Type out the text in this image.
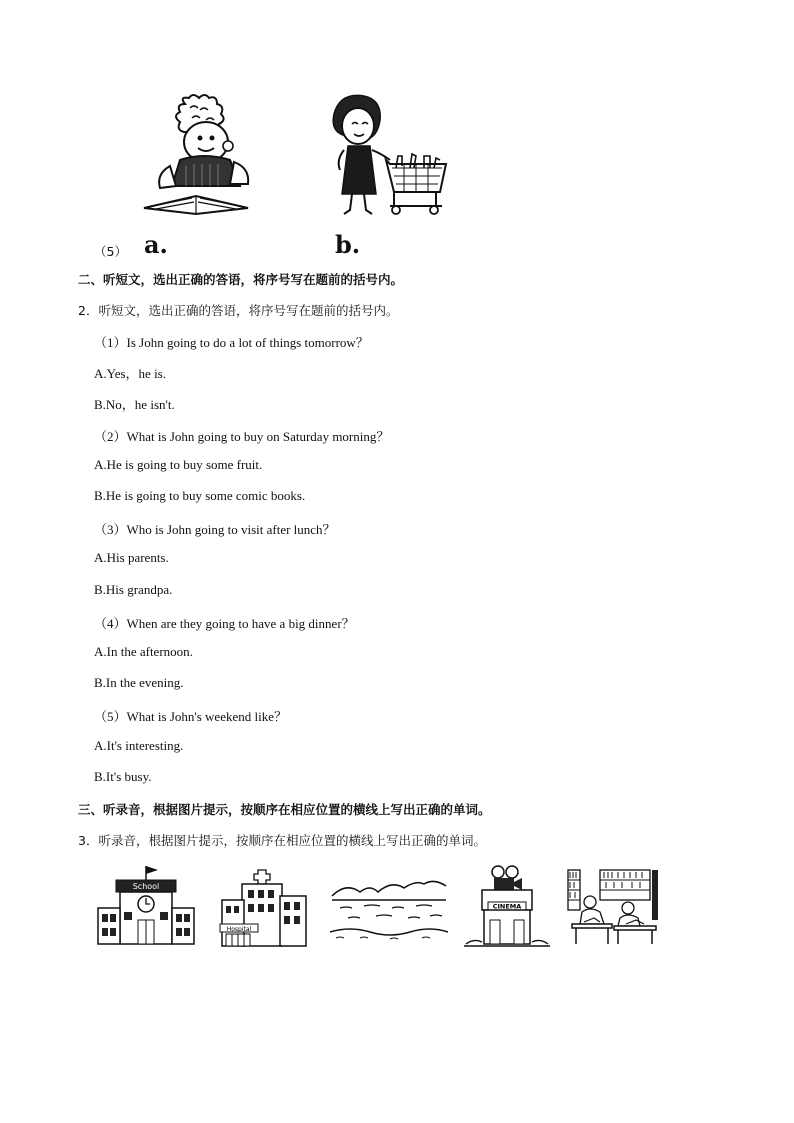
（5） a.	b.
二、听短文，选出正确的答语，将序号写在题前的括号内。
2．听短文，选出正确的答语，将序号写在题前的括号内。
（1）Is John going to do a lot of things tomorrow？
A.Yes，he is.
B.No，he isn't.
（2）What is John going to buy on Saturday morning？
A.He is going to buy some fruit.
B.He is going to buy some comic books.
（3）Who is John going to visit after lunch？
A.His parents.
B.His grandpa.
（4）When are they going to have a big dinner？
A.In the afternoon.
B.In the evening.
（5）What is John's weekend like？
A.It's interesting.
B.It's busy.
三、听录音，根据图片提示，按顺序在相应位置的横线上写出正确的单词。
3．听录音，根据图片提示，按顺序在相应位置的横线上写出正确的单词。
School
Hospital
CINEMA
